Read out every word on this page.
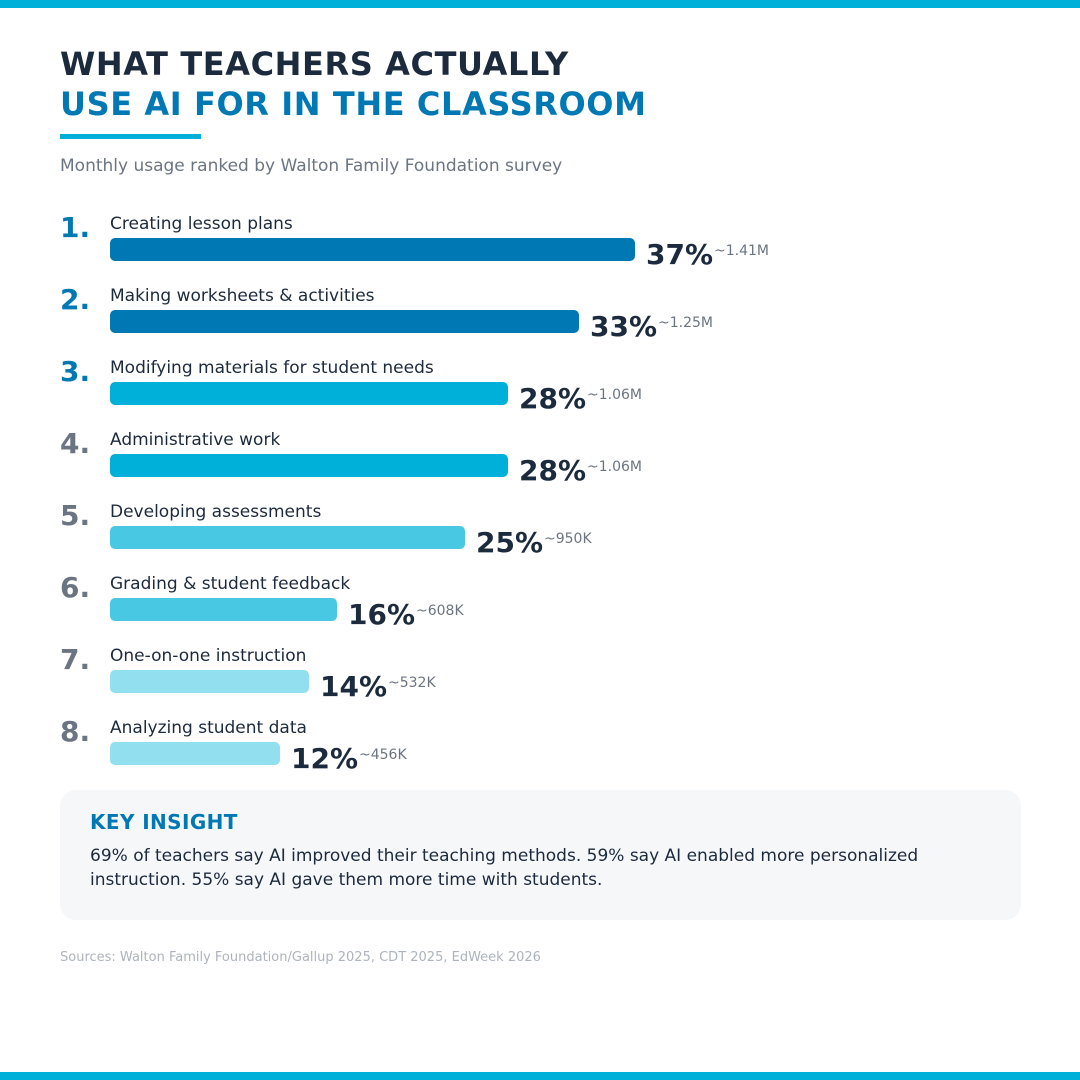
WHAT TEACHERS ACTUALLY
USE AI FOR IN THE CLASSROOM
Monthly usage ranked by Walton Family Foundation survey
1. Creating lesson plans
37% ~1.41M
2. Making worksheets & activities
33% ~1.25M
3. Modifying materials for student needs
28% ~1.06M
4. Administrative work
28% ~1.06M
5. Developing assessments
25% ~950K
6. Grading & student feedback
16% ~608K
7. One-on-one instruction
14% ~532K
8. Analyzing student data
12% ~456K
KEY INSIGHT
69% of teachers say AI improved their teaching methods. 59% say AI enabled more personalized instruction. 55% say AI gave them more time with students.
Sources: Walton Family Foundation/Gallup 2025, CDT 2025, EdWeek 2026
